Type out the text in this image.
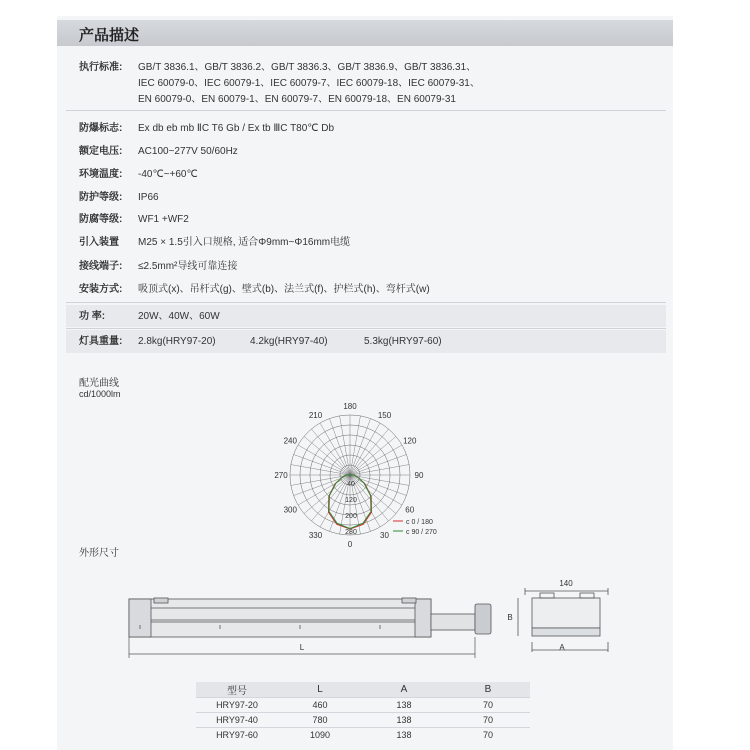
产品描述
执行标准:	GB/T 3836.1、GB/T 3836.2、GB/T 3836.3、GB/T 3836.9、GB/T 3836.31、
IEC 60079-0、IEC 60079-1、IEC 60079-7、IEC 60079-18、IEC 60079-31、
EN 60079-0、EN 60079-1、EN 60079-7、EN 60079-18、EN 60079-31
防爆标志:	Ex db eb mb ⅡC T6 Gb / Ex tb ⅢC T80℃ Db
额定电压:	AC100~277V 50/60Hz
环境温度:	-40℃~+60℃
防护等级:	IP66
防腐等级:	WF1 +WF2
引入装置	M25 × 1.5引入口规格, 适合Φ9mm~Φ16mm电缆
接线端子:	≤2.5mm²导线可靠连接
安装方式:	吸顶式(x)、吊杆式(g)、壁式(b)、法兰式(f)、护栏式(h)、弯杆式(w)
功 率:	20W、40W、60W
灯具重量:	2.8kg(HRY97-20)	4.2kg(HRY97-40)	5.3kg(HRY97-60)
配光曲线
cd/1000lm
180
150
120
90
60
30
0
330
300
270
240
210
40
120
200
280
c 0 / 180
c 90 / 270
外形尺寸
L
140
B
A
型号	L	A	B
HRY97-20	460	138	70
HRY97-40	780	138	70
HRY97-60	1090	138	70
